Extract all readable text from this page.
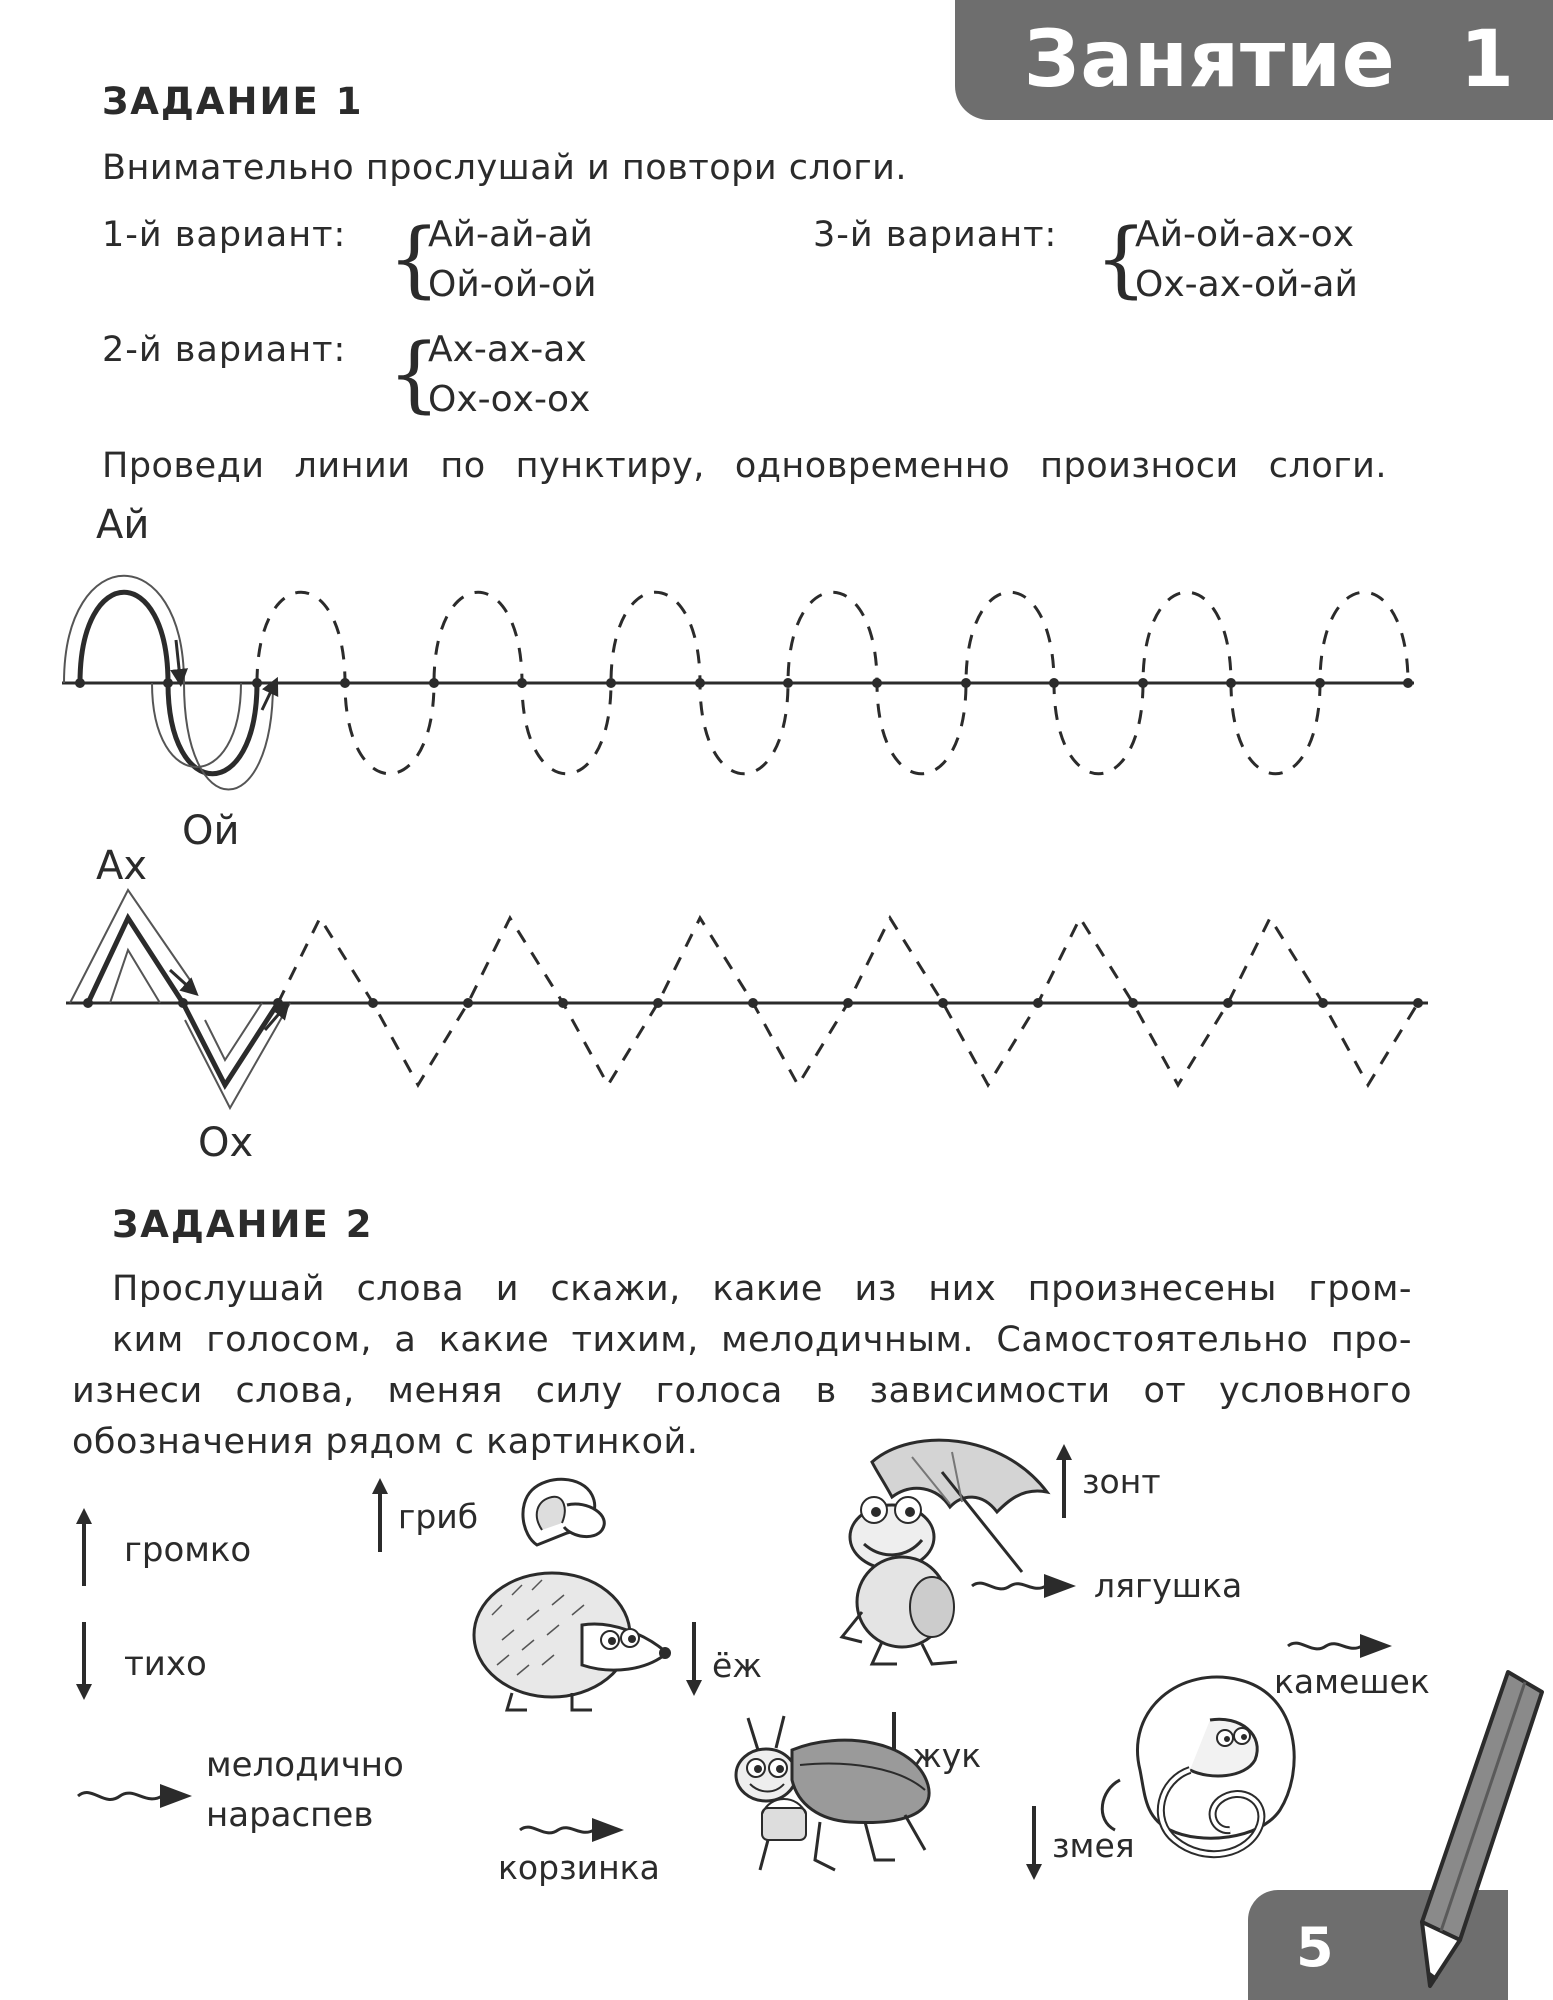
Занятие 1
ЗАДАНИЕ 1
Внимательно прослушай и повтори слоги.
1-й вариант: {
Ай-ай-ай
Ой-ой-ой
3-й вариант: {
Ай-ой-ах-ох
Ох-ах-ой-ай
2-й вариант: {
Ах-ах-ах
Ох-ох-ох
Проведи линии по пунктиру, одновременно произноси слоги.
Ай
Ой
Ах
Ох
ЗАДАНИЕ 2
Прослушай слова и скажи, какие из них произнесены гром-
ким голосом, а какие тихим, мелодичным. Самостоятельно про-
изнеси слова, меняя силу голоса в зависимости от условного
обозначения рядом с картинкой.
громко
тихо
мелодично
нараспев
гриб
ёж
зонт
лягушка
камешек
жук
корзинка
змея
5
